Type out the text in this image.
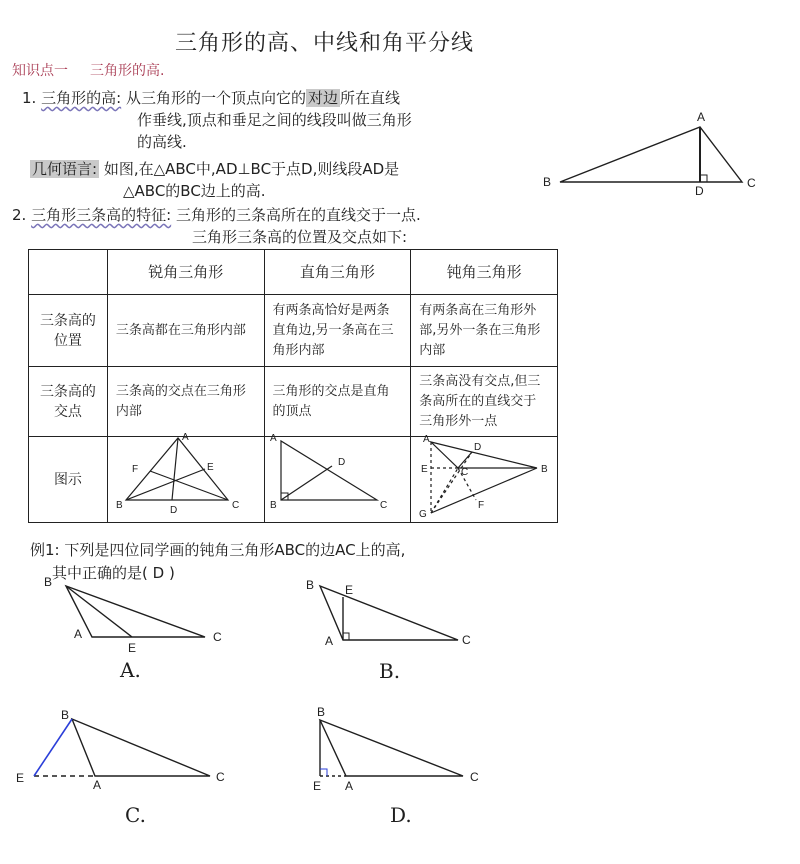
三角形的高、中线和角平分线
知识点一 三角形的高.
1. 三角形的高: 从三角形的一个顶点向它的 对边 所在直线
作垂线,顶点和垂足之间的线段叫做三角形
的高线.
几何语言: 如图,在△ABC中,AD⊥BC于点D,则线段AD是
△ABC的BC边上的高.
2. 三角形三条高的特征: 三角形的三条高所在的直线交于一点.
三角形三条高的位置及交点如下:
	锐角三角形	直角三角形	钝角三角形
三条高的位置	三条高都在三角形内部	有两条高恰好是两条直角边,另一条高在三角形内部	有两条高在三角形外部,另外一条在三角形内部
三条高的交点	三条高的交点在三角形内部	三角形的交点是直角的顶点	三条高没有交点,但三条高所在的直线交于三角形外一点
图示			
例1: 下列是四位同学画的钝角三角形ABC的边AC上的高,
其中正确的是( D )
A
B	C
D
A
B	C
D
E
F
A
B	C
D
A
B
C
D
E
F
G
B
A	C
E
A.
B	E
A	C
B.
B
E	A
C
C.
B
E A
C
D.
